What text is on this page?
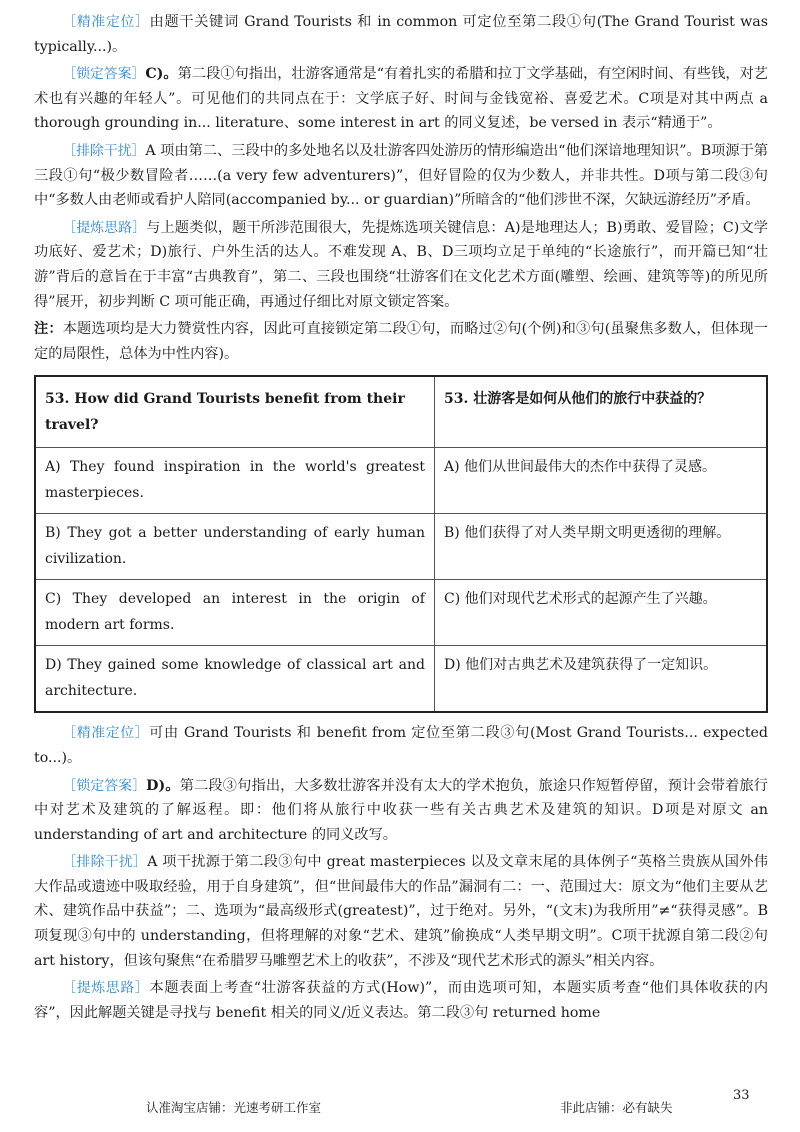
［精准定位］由题干关键词 Grand Tourists 和 in common 可定位至第二段①句(The Grand Tourist was typically...)。

［锁定答案］C)。第二段①句指出，壮游客通常是“有着扎实的希腊和拉丁文学基础，有空闲时间、有些钱，对艺术也有兴趣的年轻人”。可见他们的共同点在于：文学底子好、时间与金钱宽裕、喜爱艺术。C项是对其中两点 a thorough grounding in... literature、some interest in art 的同义复述，be versed in 表示“精通于”。

［排除干扰］A 项由第二、三段中的多处地名以及壮游客四处游历的情形编造出“他们深谙地理知识”。B项源于第三段①句“极少数冒险者……(a very few adventurers)”，但好冒险的仅为少数人，并非共性。D项与第二段③句中“多数人由老师或看护人陪同(accompanied by... or guardian)”所暗含的“他们涉世不深，欠缺远游经历”矛盾。

［提炼思路］与上题类似，题干所涉范围很大，先提炼选项关键信息：A)是地理达人；B)勇敢、爱冒险；C)文学功底好、爱艺术；D)旅行、户外生活的达人。不难发现 A、B、D三项均立足于单纯的“长途旅行”，而开篇已知“壮游”背后的意旨在于丰富“古典教育”，第二、三段也围绕“壮游客们在文化艺术方面(雕塑、绘画、建筑等等)的所见所得”展开，初步判断 C 项可能正确，再通过仔细比对原文锁定答案。

注：本题选项均是大力赞赏性内容，因此可直接锁定第二段①句，而略过②句(个例)和③句(虽聚焦多数人，但体现一定的局限性，总体为中性内容)。

53. How did Grand Tourists benefit from their travel?	53. 壮游客是如何从他们的旅行中获益的？
A) They found inspiration in the world's greatest masterpieces.	A) 他们从世间最伟大的杰作中获得了灵感。
B) They got a better understanding of early human civilization.	B) 他们获得了对人类早期文明更透彻的理解。
C) They developed an interest in the origin of modern art forms.	C) 他们对现代艺术形式的起源产生了兴趣。
D) They gained some knowledge of classical art and architecture.	D) 他们对古典艺术及建筑获得了一定知识。

［精准定位］可由 Grand Tourists 和 benefit from 定位至第二段③句(Most Grand Tourists... expected to...)。

［锁定答案］D)。第二段③句指出，大多数壮游客并没有太大的学术抱负，旅途只作短暂停留，预计会带着旅行中对艺术及建筑的了解返程。即：他们将从旅行中收获一些有关古典艺术及建筑的知识。D项是对原文 an understanding of art and architecture 的同义改写。

［排除干扰］A 项干扰源于第二段③句中 great masterpieces 以及文章末尾的具体例子“英格兰贵族从国外伟大作品或遗迹中吸取经验，用于自身建筑”，但“世间最伟大的作品”漏洞有二：一、范围过大：原文为“他们主要从艺术、建筑作品中获益”；二、选项为“最高级形式(greatest)”，过于绝对。另外，“(文末)为我所用”≠“获得灵感”。B项复现③句中的 understanding，但将理解的对象“艺术、建筑”偷换成“人类早期文明”。C项干扰源自第二段②句 art history，但该句聚焦“在希腊罗马雕塑艺术上的收获”，不涉及“现代艺术形式的源头”相关内容。

［提炼思路］本题表面上考查“壮游客获益的方式(How)”，而由选项可知，本题实质考查“他们具体收获的内容”，因此解题关键是寻找与 benefit 相关的同义/近义表达。第二段③句 returned home

认准淘宝店铺：光速考研工作室	非此店铺：必有缺失
33
